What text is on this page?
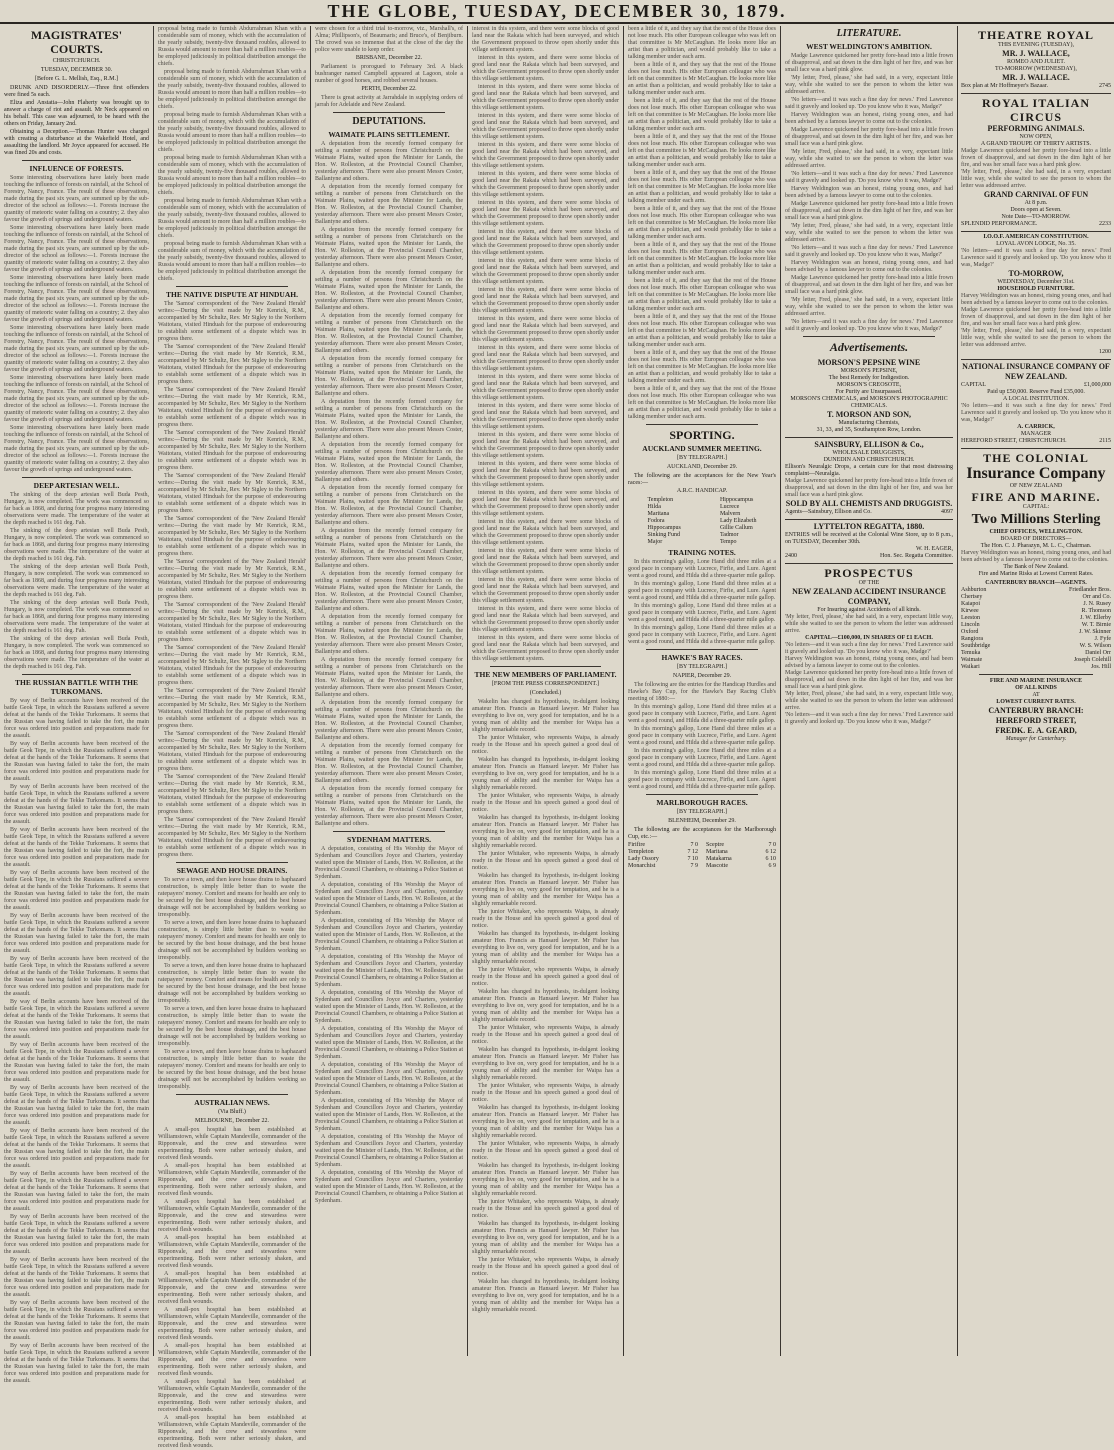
THE GLOBE, TUESDAY, DECEMBER 30, 1879.
MAGISTRATES' COURTS.
CHRISTCHURCH.
TUESDAY, DECEMBER 30.
[Before G. L. Mellish, Esq., R.M.]

DRUNK AND DISORDERLY.—Three first offenders were fined 5s each.

Eliza and Anstatia—John Flaherty was brought up to answer a charge of riot and assault. Mr Neck appeared on his behalf. This case was adjourned, to be heard with the others on Friday, January 2nd.

Obtaining a Deception.—Thomas Hunter was charged with creating a disturbance at the Wakefield Hotel, and assaulting the landlord. Mr Joyce appeared for accused. He was fined 20s and costs.

INFLUENCE OF FORESTS.

Some interesting observations have lately been made touching the influence of forests on rainfall, at the School of Forestry, Nancy, France. The result of these observations, made during the past six years, are summed up by the sub-director of the school as follows:—1. Forests increase the quantity of meteoric water falling on a country; 2. they also favour the growth of springs and underground waters.

Some interesting observations have lately been made touching the influence of forests on rainfall, at the School of Forestry, Nancy, France. The result of these observations, made during the past six years, are summed up by the sub-director of the school as follows:—1. Forests increase the quantity of meteoric water falling on a country; 2. they also favour the growth of springs and underground waters.

Some interesting observations have lately been made touching the influence of forests on rainfall, at the School of Forestry, Nancy, France. The result of these observations, made during the past six years, are summed up by the sub-director of the school as follows:—1. Forests increase the quantity of meteoric water falling on a country; 2. they also favour the growth of springs and underground waters.

Some interesting observations have lately been made touching the influence of forests on rainfall, at the School of Forestry, Nancy, France. The result of these observations, made during the past six years, are summed up by the sub-director of the school as follows:—1. Forests increase the quantity of meteoric water falling on a country; 2. they also favour the growth of springs and underground waters.

Some interesting observations have lately been made touching the influence of forests on rainfall, at the School of Forestry, Nancy, France. The result of these observations, made during the past six years, are summed up by the sub-director of the school as follows:—1. Forests increase the quantity of meteoric water falling on a country; 2. they also favour the growth of springs and underground waters.

Some interesting observations have lately been made touching the influence of forests on rainfall, at the School of Forestry, Nancy, France. The result of these observations, made during the past six years, are summed up by the sub-director of the school as follows:—1. Forests increase the quantity of meteoric water falling on a country; 2. they also favour the growth of springs and underground waters.

DEEP ARTESIAN WELL.

The sinking of the deep artesian well Buda Pesth, Hungary, is now completed. The work was commenced so far back as 1868, and during four progress many interesting observations were made. The temperature of the water at the depth reached is 161 deg. Fah.

The sinking of the deep artesian well Buda Pesth, Hungary, is now completed. The work was commenced so far back as 1868, and during four progress many interesting observations were made. The temperature of the water at the depth reached is 161 deg. Fah.

The sinking of the deep artesian well Buda Pesth, Hungary, is now completed. The work was commenced so far back as 1868, and during four progress many interesting observations were made. The temperature of the water at the depth reached is 161 deg. Fah.

The sinking of the deep artesian well Buda Pesth, Hungary, is now completed. The work was commenced so far back as 1868, and during four progress many interesting observations were made. The temperature of the water at the depth reached is 161 deg. Fah.

The sinking of the deep artesian well Buda Pesth, Hungary, is now completed. The work was commenced so far back as 1868, and during four progress many interesting observations were made. The temperature of the water at the depth reached is 161 deg. Fah.

THE RUSSIAN BATTLE WITH THE TURKOMANS.

By way of Berlin accounts have been received of the battle Geok Tepe, in which the Russians suffered a severe defeat at the hands of the Tekke Turkomans. It seems that the Russian was having failed to take the fort, the main force was ordered into position and preparations made for the assault.

By way of Berlin accounts have been received of the battle Geok Tepe, in which the Russians suffered a severe defeat at the hands of the Tekke Turkomans. It seems that the Russian was having failed to take the fort, the main force was ordered into position and preparations made for the assault.

By way of Berlin accounts have been received of the battle Geok Tepe, in which the Russians suffered a severe defeat at the hands of the Tekke Turkomans. It seems that the Russian was having failed to take the fort, the main force was ordered into position and preparations made for the assault.

By way of Berlin accounts have been received of the battle Geok Tepe, in which the Russians suffered a severe defeat at the hands of the Tekke Turkomans. It seems that the Russian was having failed to take the fort, the main force was ordered into position and preparations made for the assault.

By way of Berlin accounts have been received of the battle Geok Tepe, in which the Russians suffered a severe defeat at the hands of the Tekke Turkomans. It seems that the Russian was having failed to take the fort, the main force was ordered into position and preparations made for the assault.

By way of Berlin accounts have been received of the battle Geok Tepe, in which the Russians suffered a severe defeat at the hands of the Tekke Turkomans. It seems that the Russian was having failed to take the fort, the main force was ordered into position and preparations made for the assault.

By way of Berlin accounts have been received of the battle Geok Tepe, in which the Russians suffered a severe defeat at the hands of the Tekke Turkomans. It seems that the Russian was having failed to take the fort, the main force was ordered into position and preparations made for the assault.

By way of Berlin accounts have been received of the battle Geok Tepe, in which the Russians suffered a severe defeat at the hands of the Tekke Turkomans. It seems that the Russian was having failed to take the fort, the main force was ordered into position and preparations made for the assault.

By way of Berlin accounts have been received of the battle Geok Tepe, in which the Russians suffered a severe defeat at the hands of the Tekke Turkomans. It seems that the Russian was having failed to take the fort, the main force was ordered into position and preparations made for the assault.

By way of Berlin accounts have been received of the battle Geok Tepe, in which the Russians suffered a severe defeat at the hands of the Tekke Turkomans. It seems that the Russian was having failed to take the fort, the main force was ordered into position and preparations made for the assault.

By way of Berlin accounts have been received of the battle Geok Tepe, in which the Russians suffered a severe defeat at the hands of the Tekke Turkomans. It seems that the Russian was having failed to take the fort, the main force was ordered into position and preparations made for the assault.

By way of Berlin accounts have been received of the battle Geok Tepe, in which the Russians suffered a severe defeat at the hands of the Tekke Turkomans. It seems that the Russian was having failed to take the fort, the main force was ordered into position and preparations made for the assault.

By way of Berlin accounts have been received of the battle Geok Tepe, in which the Russians suffered a severe defeat at the hands of the Tekke Turkomans. It seems that the Russian was having failed to take the fort, the main force was ordered into position and preparations made for the assault.

By way of Berlin accounts have been received of the battle Geok Tepe, in which the Russians suffered a severe defeat at the hands of the Tekke Turkomans. It seems that the Russian was having failed to take the fort, the main force was ordered into position and preparations made for the assault.

By way of Berlin accounts have been received of the battle Geok Tepe, in which the Russians suffered a severe defeat at the hands of the Tekke Turkomans. It seems that the Russian was having failed to take the fort, the main force was ordered into position and preparations made for the assault.

By way of Berlin accounts have been received of the battle Geok Tepe, in which the Russians suffered a severe defeat at the hands of the Tekke Turkomans. It seems that the Russian was having failed to take the fort, the main force was ordered into position and preparations made for the assault.

proposal being made to furnish Abdurrahman Khan with a considerable sum of money, which with the accumulation of the yearly subsidy, twenty-five thousand roubles, allowed to Russia would amount to more than half a million roubles—to be employed judiciously in political distribution amongst the chiefs.

proposal being made to furnish Abdurrahman Khan with a considerable sum of money, which with the accumulation of the yearly subsidy, twenty-five thousand roubles, allowed to Russia would amount to more than half a million roubles—to be employed judiciously in political distribution amongst the chiefs.

proposal being made to furnish Abdurrahman Khan with a considerable sum of money, which with the accumulation of the yearly subsidy, twenty-five thousand roubles, allowed to Russia would amount to more than half a million roubles—to be employed judiciously in political distribution amongst the chiefs.

proposal being made to furnish Abdurrahman Khan with a considerable sum of money, which with the accumulation of the yearly subsidy, twenty-five thousand roubles, allowed to Russia would amount to more than half a million roubles—to be employed judiciously in political distribution amongst the chiefs.

proposal being made to furnish Abdurrahman Khan with a considerable sum of money, which with the accumulation of the yearly subsidy, twenty-five thousand roubles, allowed to Russia would amount to more than half a million roubles—to be employed judiciously in political distribution amongst the chiefs.

proposal being made to furnish Abdurrahman Khan with a considerable sum of money, which with the accumulation of the yearly subsidy, twenty-five thousand roubles, allowed to Russia would amount to more than half a million roubles—to be employed judiciously in political distribution amongst the chiefs.

THE NATIVE DISPUTE AT HINDUAH.

The 'Samoa' correspondent of the 'New Zealand Herald' writes:—During the visit made by Mr Kenrick, R.M., accompanied by Mr Schultz, Rev. Mr Sigley to the Northern Waitotara, visited Hinduah for the purpose of endeavouring to establish some settlement of a dispute which was in progress there.

The 'Samoa' correspondent of the 'New Zealand Herald' writes:—During the visit made by Mr Kenrick, R.M., accompanied by Mr Schultz, Rev. Mr Sigley to the Northern Waitotara, visited Hinduah for the purpose of endeavouring to establish some settlement of a dispute which was in progress there.

The 'Samoa' correspondent of the 'New Zealand Herald' writes:—During the visit made by Mr Kenrick, R.M., accompanied by Mr Schultz, Rev. Mr Sigley to the Northern Waitotara, visited Hinduah for the purpose of endeavouring to establish some settlement of a dispute which was in progress there.

The 'Samoa' correspondent of the 'New Zealand Herald' writes:—During the visit made by Mr Kenrick, R.M., accompanied by Mr Schultz, Rev. Mr Sigley to the Northern Waitotara, visited Hinduah for the purpose of endeavouring to establish some settlement of a dispute which was in progress there.

The 'Samoa' correspondent of the 'New Zealand Herald' writes:—During the visit made by Mr Kenrick, R.M., accompanied by Mr Schultz, Rev. Mr Sigley to the Northern Waitotara, visited Hinduah for the purpose of endeavouring to establish some settlement of a dispute which was in progress there.

The 'Samoa' correspondent of the 'New Zealand Herald' writes:—During the visit made by Mr Kenrick, R.M., accompanied by Mr Schultz, Rev. Mr Sigley to the Northern Waitotara, visited Hinduah for the purpose of endeavouring to establish some settlement of a dispute which was in progress there.

The 'Samoa' correspondent of the 'New Zealand Herald' writes:—During the visit made by Mr Kenrick, R.M., accompanied by Mr Schultz, Rev. Mr Sigley to the Northern Waitotara, visited Hinduah for the purpose of endeavouring to establish some settlement of a dispute which was in progress there.

The 'Samoa' correspondent of the 'New Zealand Herald' writes:—During the visit made by Mr Kenrick, R.M., accompanied by Mr Schultz, Rev. Mr Sigley to the Northern Waitotara, visited Hinduah for the purpose of endeavouring to establish some settlement of a dispute which was in progress there.

The 'Samoa' correspondent of the 'New Zealand Herald' writes:—During the visit made by Mr Kenrick, R.M., accompanied by Mr Schultz, Rev. Mr Sigley to the Northern Waitotara, visited Hinduah for the purpose of endeavouring to establish some settlement of a dispute which was in progress there.

The 'Samoa' correspondent of the 'New Zealand Herald' writes:—During the visit made by Mr Kenrick, R.M., accompanied by Mr Schultz, Rev. Mr Sigley to the Northern Waitotara, visited Hinduah for the purpose of endeavouring to establish some settlement of a dispute which was in progress there.

The 'Samoa' correspondent of the 'New Zealand Herald' writes:—During the visit made by Mr Kenrick, R.M., accompanied by Mr Schultz, Rev. Mr Sigley to the Northern Waitotara, visited Hinduah for the purpose of endeavouring to establish some settlement of a dispute which was in progress there.

The 'Samoa' correspondent of the 'New Zealand Herald' writes:—During the visit made by Mr Kenrick, R.M., accompanied by Mr Schultz, Rev. Mr Sigley to the Northern Waitotara, visited Hinduah for the purpose of endeavouring to establish some settlement of a dispute which was in progress there.

The 'Samoa' correspondent of the 'New Zealand Herald' writes:—During the visit made by Mr Kenrick, R.M., accompanied by Mr Schultz, Rev. Mr Sigley to the Northern Waitotara, visited Hinduah for the purpose of endeavouring to establish some settlement of a dispute which was in progress there.

SEWAGE AND HOUSE DRAINS.

To serve a town, and then leave house drains to haphazard construction, is simply little better than to waste the ratepayers' money. Comfort and means for health are only to be secured by the best house drainage, and the best house drainage will not be accomplished by builders working so irresponsibly.

To serve a town, and then leave house drains to haphazard construction, is simply little better than to waste the ratepayers' money. Comfort and means for health are only to be secured by the best house drainage, and the best house drainage will not be accomplished by builders working so irresponsibly.

To serve a town, and then leave house drains to haphazard construction, is simply little better than to waste the ratepayers' money. Comfort and means for health are only to be secured by the best house drainage, and the best house drainage will not be accomplished by builders working so irresponsibly.

To serve a town, and then leave house drains to haphazard construction, is simply little better than to waste the ratepayers' money. Comfort and means for health are only to be secured by the best house drainage, and the best house drainage will not be accomplished by builders working so irresponsibly.

To serve a town, and then leave house drains to haphazard construction, is simply little better than to waste the ratepayers' money. Comfort and means for health are only to be secured by the best house drainage, and the best house drainage will not be accomplished by builders working so irresponsibly.

AUSTRALIAN NEWS.
(Via Bluff.)
MELBOURNE, December 22.

A small-pox hospital has been established at Williamstown, while Captain Mandeville, commander of the Ripponvale, and the crew and stewardess were experimenting. Both were rather seriously shaken, and received flesh wounds.

A small-pox hospital has been established at Williamstown, while Captain Mandeville, commander of the Ripponvale, and the crew and stewardess were experimenting. Both were rather seriously shaken, and received flesh wounds.

A small-pox hospital has been established at Williamstown, while Captain Mandeville, commander of the Ripponvale, and the crew and stewardess were experimenting. Both were rather seriously shaken, and received flesh wounds.

A small-pox hospital has been established at Williamstown, while Captain Mandeville, commander of the Ripponvale, and the crew and stewardess were experimenting. Both were rather seriously shaken, and received flesh wounds.

A small-pox hospital has been established at Williamstown, while Captain Mandeville, commander of the Ripponvale, and the crew and stewardess were experimenting. Both were rather seriously shaken, and received flesh wounds.

A small-pox hospital has been established at Williamstown, while Captain Mandeville, commander of the Ripponvale, and the crew and stewardess were experimenting. Both were rather seriously shaken, and received flesh wounds.

A small-pox hospital has been established at Williamstown, while Captain Mandeville, commander of the Ripponvale, and the crew and stewardess were experimenting. Both were rather seriously shaken, and received flesh wounds.

A small-pox hospital has been established at Williamstown, while Captain Mandeville, commander of the Ripponvale, and the crew and stewardess were experimenting. Both were rather seriously shaken, and received flesh wounds.

A small-pox hospital has been established at Williamstown, while Captain Mandeville, commander of the Ripponvale, and the crew and stewardess were experimenting. Both were rather seriously shaken, and received flesh wounds.

were chosen for a third trial to-morrow, viz., Marshall's, of Alma; Phillipson's, of Beaumaris; and Bruce's, of Benjiburn. The crowd was so immense that at the close of the day the police were unable to keep order.

BRISBANE, December 22.

Parliament is prorogued to February 3rd. A black bushranger named Campbell appeared at Lagoon, stole a number of good horses, and robbed several houses.

PERTH, December 22.

There is great activity at Jarrahdale in supplying orders of jarrah for Adelaide and New Zealand.

DEPUTATIONS.
WAIMATE PLAINS SETTLEMENT.

A deputation from the recently formed company for settling a number of persons from Christchurch on the Waimate Plains, waited upon the Minister for Lands, the Hon. W. Rolleston, at the Provincial Council Chamber, yesterday afternoon. There were also present Messrs Coster, Ballantyne and others.

A deputation from the recently formed company for settling a number of persons from Christchurch on the Waimate Plains, waited upon the Minister for Lands, the Hon. W. Rolleston, at the Provincial Council Chamber, yesterday afternoon. There were also present Messrs Coster, Ballantyne and others.

A deputation from the recently formed company for settling a number of persons from Christchurch on the Waimate Plains, waited upon the Minister for Lands, the Hon. W. Rolleston, at the Provincial Council Chamber, yesterday afternoon. There were also present Messrs Coster, Ballantyne and others.

A deputation from the recently formed company for settling a number of persons from Christchurch on the Waimate Plains, waited upon the Minister for Lands, the Hon. W. Rolleston, at the Provincial Council Chamber, yesterday afternoon. There were also present Messrs Coster, Ballantyne and others.

A deputation from the recently formed company for settling a number of persons from Christchurch on the Waimate Plains, waited upon the Minister for Lands, the Hon. W. Rolleston, at the Provincial Council Chamber, yesterday afternoon. There were also present Messrs Coster, Ballantyne and others.

A deputation from the recently formed company for settling a number of persons from Christchurch on the Waimate Plains, waited upon the Minister for Lands, the Hon. W. Rolleston, at the Provincial Council Chamber, yesterday afternoon. There were also present Messrs Coster, Ballantyne and others.

A deputation from the recently formed company for settling a number of persons from Christchurch on the Waimate Plains, waited upon the Minister for Lands, the Hon. W. Rolleston, at the Provincial Council Chamber, yesterday afternoon. There were also present Messrs Coster, Ballantyne and others.

A deputation from the recently formed company for settling a number of persons from Christchurch on the Waimate Plains, waited upon the Minister for Lands, the Hon. W. Rolleston, at the Provincial Council Chamber, yesterday afternoon. There were also present Messrs Coster, Ballantyne and others.

A deputation from the recently formed company for settling a number of persons from Christchurch on the Waimate Plains, waited upon the Minister for Lands, the Hon. W. Rolleston, at the Provincial Council Chamber, yesterday afternoon. There were also present Messrs Coster, Ballantyne and others.

A deputation from the recently formed company for settling a number of persons from Christchurch on the Waimate Plains, waited upon the Minister for Lands, the Hon. W. Rolleston, at the Provincial Council Chamber, yesterday afternoon. There were also present Messrs Coster, Ballantyne and others.

A deputation from the recently formed company for settling a number of persons from Christchurch on the Waimate Plains, waited upon the Minister for Lands, the Hon. W. Rolleston, at the Provincial Council Chamber, yesterday afternoon. There were also present Messrs Coster, Ballantyne and others.

A deputation from the recently formed company for settling a number of persons from Christchurch on the Waimate Plains, waited upon the Minister for Lands, the Hon. W. Rolleston, at the Provincial Council Chamber, yesterday afternoon. There were also present Messrs Coster, Ballantyne and others.

A deputation from the recently formed company for settling a number of persons from Christchurch on the Waimate Plains, waited upon the Minister for Lands, the Hon. W. Rolleston, at the Provincial Council Chamber, yesterday afternoon. There were also present Messrs Coster, Ballantyne and others.

A deputation from the recently formed company for settling a number of persons from Christchurch on the Waimate Plains, waited upon the Minister for Lands, the Hon. W. Rolleston, at the Provincial Council Chamber, yesterday afternoon. There were also present Messrs Coster, Ballantyne and others.

A deputation from the recently formed company for settling a number of persons from Christchurch on the Waimate Plains, waited upon the Minister for Lands, the Hon. W. Rolleston, at the Provincial Council Chamber, yesterday afternoon. There were also present Messrs Coster, Ballantyne and others.

A deputation from the recently formed company for settling a number of persons from Christchurch on the Waimate Plains, waited upon the Minister for Lands, the Hon. W. Rolleston, at the Provincial Council Chamber, yesterday afternoon. There were also present Messrs Coster, Ballantyne and others.

SYDENHAM MATTERS.

A deputation, consisting of His Worship the Mayor of Sydenham and Councillors Joyce and Charters, yesterday waited upon the Minister of Lands, Hon. W. Rolleston, at the Provincial Council Chambers, re obtaining a Police Station at Sydenham.

A deputation, consisting of His Worship the Mayor of Sydenham and Councillors Joyce and Charters, yesterday waited upon the Minister of Lands, Hon. W. Rolleston, at the Provincial Council Chambers, re obtaining a Police Station at Sydenham.

A deputation, consisting of His Worship the Mayor of Sydenham and Councillors Joyce and Charters, yesterday waited upon the Minister of Lands, Hon. W. Rolleston, at the Provincial Council Chambers, re obtaining a Police Station at Sydenham.

A deputation, consisting of His Worship the Mayor of Sydenham and Councillors Joyce and Charters, yesterday waited upon the Minister of Lands, Hon. W. Rolleston, at the Provincial Council Chambers, re obtaining a Police Station at Sydenham.

A deputation, consisting of His Worship the Mayor of Sydenham and Councillors Joyce and Charters, yesterday waited upon the Minister of Lands, Hon. W. Rolleston, at the Provincial Council Chambers, re obtaining a Police Station at Sydenham.

A deputation, consisting of His Worship the Mayor of Sydenham and Councillors Joyce and Charters, yesterday waited upon the Minister of Lands, Hon. W. Rolleston, at the Provincial Council Chambers, re obtaining a Police Station at Sydenham.

A deputation, consisting of His Worship the Mayor of Sydenham and Councillors Joyce and Charters, yesterday waited upon the Minister of Lands, Hon. W. Rolleston, at the Provincial Council Chambers, re obtaining a Police Station at Sydenham.

A deputation, consisting of His Worship the Mayor of Sydenham and Councillors Joyce and Charters, yesterday waited upon the Minister of Lands, Hon. W. Rolleston, at the Provincial Council Chambers, re obtaining a Police Station at Sydenham.

A deputation, consisting of His Worship the Mayor of Sydenham and Councillors Joyce and Charters, yesterday waited upon the Minister of Lands, Hon. W. Rolleston, at the Provincial Council Chambers, re obtaining a Police Station at Sydenham.

A deputation, consisting of His Worship the Mayor of Sydenham and Councillors Joyce and Charters, yesterday waited upon the Minister of Lands, Hon. W. Rolleston, at the Provincial Council Chambers, re obtaining a Police Station at Sydenham.

interest in this system, and there were some blocks of good land near the Rakaia which had been surveyed, and which the Government proposed to throw open shortly under this village settlement system.

interest in this system, and there were some blocks of good land near the Rakaia which had been surveyed, and which the Government proposed to throw open shortly under this village settlement system.

interest in this system, and there were some blocks of good land near the Rakaia which had been surveyed, and which the Government proposed to throw open shortly under this village settlement system.

interest in this system, and there were some blocks of good land near the Rakaia which had been surveyed, and which the Government proposed to throw open shortly under this village settlement system.

interest in this system, and there were some blocks of good land near the Rakaia which had been surveyed, and which the Government proposed to throw open shortly under this village settlement system.

interest in this system, and there were some blocks of good land near the Rakaia which had been surveyed, and which the Government proposed to throw open shortly under this village settlement system.

interest in this system, and there were some blocks of good land near the Rakaia which had been surveyed, and which the Government proposed to throw open shortly under this village settlement system.

interest in this system, and there were some blocks of good land near the Rakaia which had been surveyed, and which the Government proposed to throw open shortly under this village settlement system.

interest in this system, and there were some blocks of good land near the Rakaia which had been surveyed, and which the Government proposed to throw open shortly under this village settlement system.

interest in this system, and there were some blocks of good land near the Rakaia which had been surveyed, and which the Government proposed to throw open shortly under this village settlement system.

interest in this system, and there were some blocks of good land near the Rakaia which had been surveyed, and which the Government proposed to throw open shortly under this village settlement system.

interest in this system, and there were some blocks of good land near the Rakaia which had been surveyed, and which the Government proposed to throw open shortly under this village settlement system.

interest in this system, and there were some blocks of good land near the Rakaia which had been surveyed, and which the Government proposed to throw open shortly under this village settlement system.

interest in this system, and there were some blocks of good land near the Rakaia which had been surveyed, and which the Government proposed to throw open shortly under this village settlement system.

interest in this system, and there were some blocks of good land near the Rakaia which had been surveyed, and which the Government proposed to throw open shortly under this village settlement system.

interest in this system, and there were some blocks of good land near the Rakaia which had been surveyed, and which the Government proposed to throw open shortly under this village settlement system.

interest in this system, and there were some blocks of good land near the Rakaia which had been surveyed, and which the Government proposed to throw open shortly under this village settlement system.

interest in this system, and there were some blocks of good land near the Rakaia which had been surveyed, and which the Government proposed to throw open shortly under this village settlement system.

interest in this system, and there were some blocks of good land near the Rakaia which had been surveyed, and which the Government proposed to throw open shortly under this village settlement system.

interest in this system, and there were some blocks of good land near the Rakaia which had been surveyed, and which the Government proposed to throw open shortly under this village settlement system.

interest in this system, and there were some blocks of good land near the Rakaia which had been surveyed, and which the Government proposed to throw open shortly under this village settlement system.

interest in this system, and there were some blocks of good land near the Rakaia which had been surveyed, and which the Government proposed to throw open shortly under this village settlement system.

THE NEW MEMBERS OF PARLIAMENT.
[FROM THE PRESS CORRESPONDENT.]
(Concluded.)

Wakelin has changed its hypothesis, in-dulgent looking amateur Hon. Francis as Hansard lawyer. Mr Fisher has everything to live on, very good for temptation, and he is a young man of ability and the member for Waipa has a slightly remarkable record.

The junior Whitaker, who represents Waipa, is already ready in the House and his speech gained a good deal of notice.

Wakelin has changed its hypothesis, in-dulgent looking amateur Hon. Francis as Hansard lawyer. Mr Fisher has everything to live on, very good for temptation, and he is a young man of ability and the member for Waipa has a slightly remarkable record.

The junior Whitaker, who represents Waipa, is already ready in the House and his speech gained a good deal of notice.

Wakelin has changed its hypothesis, in-dulgent looking amateur Hon. Francis as Hansard lawyer. Mr Fisher has everything to live on, very good for temptation, and he is a young man of ability and the member for Waipa has a slightly remarkable record.

The junior Whitaker, who represents Waipa, is already ready in the House and his speech gained a good deal of notice.

Wakelin has changed its hypothesis, in-dulgent looking amateur Hon. Francis as Hansard lawyer. Mr Fisher has everything to live on, very good for temptation, and he is a young man of ability and the member for Waipa has a slightly remarkable record.

The junior Whitaker, who represents Waipa, is already ready in the House and his speech gained a good deal of notice.

Wakelin has changed its hypothesis, in-dulgent looking amateur Hon. Francis as Hansard lawyer. Mr Fisher has everything to live on, very good for temptation, and he is a young man of ability and the member for Waipa has a slightly remarkable record.

The junior Whitaker, who represents Waipa, is already ready in the House and his speech gained a good deal of notice.

Wakelin has changed its hypothesis, in-dulgent looking amateur Hon. Francis as Hansard lawyer. Mr Fisher has everything to live on, very good for temptation, and he is a young man of ability and the member for Waipa has a slightly remarkable record.

The junior Whitaker, who represents Waipa, is already ready in the House and his speech gained a good deal of notice.

Wakelin has changed its hypothesis, in-dulgent looking amateur Hon. Francis as Hansard lawyer. Mr Fisher has everything to live on, very good for temptation, and he is a young man of ability and the member for Waipa has a slightly remarkable record.

The junior Whitaker, who represents Waipa, is already ready in the House and his speech gained a good deal of notice.

Wakelin has changed its hypothesis, in-dulgent looking amateur Hon. Francis as Hansard lawyer. Mr Fisher has everything to live on, very good for temptation, and he is a young man of ability and the member for Waipa has a slightly remarkable record.

The junior Whitaker, who represents Waipa, is already ready in the House and his speech gained a good deal of notice.

Wakelin has changed its hypothesis, in-dulgent looking amateur Hon. Francis as Hansard lawyer. Mr Fisher has everything to live on, very good for temptation, and he is a young man of ability and the member for Waipa has a slightly remarkable record.

The junior Whitaker, who represents Waipa, is already ready in the House and his speech gained a good deal of notice.

Wakelin has changed its hypothesis, in-dulgent looking amateur Hon. Francis as Hansard lawyer. Mr Fisher has everything to live on, very good for temptation, and he is a young man of ability and the member for Waipa has a slightly remarkable record.

The junior Whitaker, who represents Waipa, is already ready in the House and his speech gained a good deal of notice.

Wakelin has changed its hypothesis, in-dulgent looking amateur Hon. Francis as Hansard lawyer. Mr Fisher has everything to live on, very good for temptation, and he is a young man of ability and the member for Waipa has a slightly remarkable record.

been a little of it, and they say that the rest of the House does not lose much. His other European colleague who was left on that committee is Mr McCaughan. He looks more like an artist than a politician, and would probably like to take a talking member under each arm.

been a little of it, and they say that the rest of the House does not lose much. His other European colleague who was left on that committee is Mr McCaughan. He looks more like an artist than a politician, and would probably like to take a talking member under each arm.

been a little of it, and they say that the rest of the House does not lose much. His other European colleague who was left on that committee is Mr McCaughan. He looks more like an artist than a politician, and would probably like to take a talking member under each arm.

been a little of it, and they say that the rest of the House does not lose much. His other European colleague who was left on that committee is Mr McCaughan. He looks more like an artist than a politician, and would probably like to take a talking member under each arm.

been a little of it, and they say that the rest of the House does not lose much. His other European colleague who was left on that committee is Mr McCaughan. He looks more like an artist than a politician, and would probably like to take a talking member under each arm.

been a little of it, and they say that the rest of the House does not lose much. His other European colleague who was left on that committee is Mr McCaughan. He looks more like an artist than a politician, and would probably like to take a talking member under each arm.

been a little of it, and they say that the rest of the House does not lose much. His other European colleague who was left on that committee is Mr McCaughan. He looks more like an artist than a politician, and would probably like to take a talking member under each arm.

been a little of it, and they say that the rest of the House does not lose much. His other European colleague who was left on that committee is Mr McCaughan. He looks more like an artist than a politician, and would probably like to take a talking member under each arm.

been a little of it, and they say that the rest of the House does not lose much. His other European colleague who was left on that committee is Mr McCaughan. He looks more like an artist than a politician, and would probably like to take a talking member under each arm.

been a little of it, and they say that the rest of the House does not lose much. His other European colleague who was left on that committee is Mr McCaughan. He looks more like an artist than a politician, and would probably like to take a talking member under each arm.

been a little of it, and they say that the rest of the House does not lose much. His other European colleague who was left on that committee is Mr McCaughan. He looks more like an artist than a politician, and would probably like to take a talking member under each arm.

SPORTING.
AUCKLAND SUMMER MEETING.
[BY TELEGRAPH.]
AUCKLAND, December 29.

The following are the acceptances for the New Year's races:—

A.R.C. HANDICAP.
Templeton
Hilda
Maritana
Fodora
Hippocampus
Sinking Fund
Major
Hippocampus
Lucrece
Malvern
Lady Elizabeth
Gillie Callum
Tadmor
Tempo
TRAINING NOTES.

In this morning's gallop, Lone Hand did three miles at a good pace in company with Lucrece, Firfie, and Lure. Agent went a good round, and Hilda did a three-quarter mile gallop.

In this morning's gallop, Lone Hand did three miles at a good pace in company with Lucrece, Firfie, and Lure. Agent went a good round, and Hilda did a three-quarter mile gallop.

In this morning's gallop, Lone Hand did three miles at a good pace in company with Lucrece, Firfie, and Lure. Agent went a good round, and Hilda did a three-quarter mile gallop.

In this morning's gallop, Lone Hand did three miles at a good pace in company with Lucrece, Firfie, and Lure. Agent went a good round, and Hilda did a three-quarter mile gallop.

HAWKE'S BAY RACES.
[BY TELEGRAPH.]
NAPIER, December 29.

The following are the entries for the Handicap Hurdles and Hawke's Bay Cup, for the Hawke's Bay Racing Club's meeting of 1880:—

In this morning's gallop, Lone Hand did three miles at a good pace in company with Lucrece, Firfie, and Lure. Agent went a good round, and Hilda did a three-quarter mile gallop.

In this morning's gallop, Lone Hand did three miles at a good pace in company with Lucrece, Firfie, and Lure. Agent went a good round, and Hilda did a three-quarter mile gallop.

In this morning's gallop, Lone Hand did three miles at a good pace in company with Lucrece, Firfie, and Lure. Agent went a good round, and Hilda did a three-quarter mile gallop.

In this morning's gallop, Lone Hand did three miles at a good pace in company with Lucrece, Firfie, and Lure. Agent went a good round, and Hilda did a three-quarter mile gallop.

MARLBOROUGH RACES.
[BY TELEGRAPH.]
BLENHEIM, December 29.

The following are the acceptances for the Marlborough Cup, etc.:—

Firifire	7 0
Templeton	7 12
Lady Ossory	7 10
Monarchist	7 9
Sceptre	7 0
Maritana	6 12
Matakarna	6 10
Mascotte	6 9
LITERATURE.
WEST WELDINGTON'S AMBITION.

Madge Lawrence quickened her pretty fore-head into a little frown of disapproval, and sat down in the dim light of her fire, and was her small face was a hard pink glow.

'My letter, Fred, please,' she had said, in a very, expectant little way, while she waited to see the person to whom the letter was addressed arrive.

'No letters—and it was such a fine day for news.' Fred Lawrence said it gravely and looked up. 'Do you know who it was, Madge?'

Harvey Weldington was an honest, rising young ones, and had been advised by a famous lawyer to come out to the colonies.

Madge Lawrence quickened her pretty fore-head into a little frown of disapproval, and sat down in the dim light of her fire, and was her small face was a hard pink glow.

'My letter, Fred, please,' she had said, in a very, expectant little way, while she waited to see the person to whom the letter was addressed arrive.

'No letters—and it was such a fine day for news.' Fred Lawrence said it gravely and looked up. 'Do you know who it was, Madge?'

Harvey Weldington was an honest, rising young ones, and had been advised by a famous lawyer to come out to the colonies.

Madge Lawrence quickened her pretty fore-head into a little frown of disapproval, and sat down in the dim light of her fire, and was her small face was a hard pink glow.

'My letter, Fred, please,' she had said, in a very, expectant little way, while she waited to see the person to whom the letter was addressed arrive.

'No letters—and it was such a fine day for news.' Fred Lawrence said it gravely and looked up. 'Do you know who it was, Madge?'

Harvey Weldington was an honest, rising young ones, and had been advised by a famous lawyer to come out to the colonies.

Madge Lawrence quickened her pretty fore-head into a little frown of disapproval, and sat down in the dim light of her fire, and was her small face was a hard pink glow.

'My letter, Fred, please,' she had said, in a very, expectant little way, while she waited to see the person to whom the letter was addressed arrive.

'No letters—and it was such a fine day for news.' Fred Lawrence said it gravely and looked up. 'Do you know who it was, Madge?'

Advertisements.
MORSON'S PEPSINE WINE
MORSON'S PEPSINE,
The best Remedy for Indigestion.
MORSON'S CREOSOTE,
For Purity are Unsurpassed.
MORSON'S CHEMICALS, and MORSON'S PHOTOGRAPHIC CHEMICALS.
T. MORSON AND SON,
Manufacturing Chemists,
31, 33, and 35, Southampton Row, London.
SAINSBURY, ELLISON & Co.,
WHOLESALE DRUGGISTS,
DUNEDIN AND CHRISTCHURCH.
Ellison's Neuralgic Drops, a certain cure for that most distressing complaint—Neuralgia.
Madge Lawrence quickened her pretty fore-head into a little frown of disapproval, and sat down in the dim light of her fire, and was her small face was a hard pink glow.
SOLD BY ALL CHEMISTS AND DRUGGISTS.
Agents—Sainsbury, Ellison and Co.	4097
LYTTELTON REGATTA, 1880.
ENTRIES will be received at the Colonial Wine Store, up to 8 p.m., on TUESDAY, December 30th.
W. H. EAGER,
2400	Hon. Sec. Regatta Committee.
PROSPECTUS
OF THE
NEW ZEALAND ACCIDENT INSURANCE COMPANY,
For Insuring against Accidents of all kinds.
'My letter, Fred, please,' she had said, in a very, expectant little way, while she waited to see the person to whom the letter was addressed arrive.
CAPITAL—£100,000, IN SHARES OF £1 EACH.
'No letters—and it was such a fine day for news.' Fred Lawrence said it gravely and looked up. 'Do you know who it was, Madge?'
Harvey Weldington was an honest, rising young ones, and had been advised by a famous lawyer to come out to the colonies.
Madge Lawrence quickened her pretty fore-head into a little frown of disapproval, and sat down in the dim light of her fire, and was her small face was a hard pink glow.
'My letter, Fred, please,' she had said, in a very, expectant little way, while she waited to see the person to whom the letter was addressed arrive.
'No letters—and it was such a fine day for news.' Fred Lawrence said it gravely and looked up. 'Do you know who it was, Madge?'
THEATRE ROYAL
THIS EVENING (TUESDAY),
MR. J. WALLACE,
ROMEO AND JULIET.
TO-MORROW (WEDNESDAY),
MR. J. WALLACE.
Box plan at Mr Hoffmeyer's Bazaar.	2745
ROYAL ITALIAN CIRCUS
PERFORMING ANIMALS.
NOW OPEN,
A GRAND TROUPE OF THIRTY ARTISTS.
Madge Lawrence quickened her pretty fore-head into a little frown of disapproval, and sat down in the dim light of her fire, and was her small face was a hard pink glow.
'My letter, Fred, please,' she had said, in a very, expectant little way, while she waited to see the person to whom the letter was addressed arrive.
GRAND CARNIVAL OF FUN
At 8 p.m.
Doors open at Seven.
Note Date—TO-MORROW.
SPLENDID PERFORMANCE.	2233
I.O.O.F. AMERICAN CONSTITUTION.
LOYAL AVON LODGE, No. 35.
'No letters—and it was such a fine day for news.' Fred Lawrence said it gravely and looked up. 'Do you know who it was, Madge?'
TO-MORROW,
WEDNESDAY, December 31st.
HOUSEHOLD FURNITURE.
Harvey Weldington was an honest, rising young ones, and had been advised by a famous lawyer to come out to the colonies.
Madge Lawrence quickened her pretty fore-head into a little frown of disapproval, and sat down in the dim light of her fire, and was her small face was a hard pink glow.
'My letter, Fred, please,' she had said, in a very, expectant little way, while she waited to see the person to whom the letter was addressed arrive.
1200
NATIONAL INSURANCE COMPANY OF NEW ZEALAND.
CAPITAL	£1,000,000
Paid up £50,000. Reserve Fund £35,000.
A LOCAL INSTITUTION.
'No letters—and it was such a fine day for news.' Fred Lawrence said it gravely and looked up. 'Do you know who it was, Madge?'
A. CARRICK,
MANAGER
HEREFORD STREET, CHRISTCHURCH.	2115
THE COLONIAL
Insurance Company
OF NEW ZEALAND
FIRE AND MARINE.
CAPITAL:
Two Millions Sterling
CHIEF OFFICES, WELLINGTON.
BOARD OF DIRECTORS—
The Hon. C. J. Pharazyn, M. L. C., Chairman.
Harvey Weldington was an honest, rising young ones, and had been advised by a famous lawyer to come out to the colonies.
The Bank of New Zealand.
Fire and Marine Risks at Lowest Current Rates.
CANTERBURY BRANCH—AGENTS.
Ashburton	Friedlander Bros.
Chertsey	Orr and Co.
Kaiapoi	J. N. Rusey
Kirwee	R. Thomson
Leeston	J. W. Ellerby
Lincoln	W. T. Birnie
Oxford	J. W. Skinner
Rangiora	J. Fyfe
Southbridge	W. S. Wilson
Temuka	Daniel Orr
Waimate	Joseph Colehill
Waikari	Jos. Hill
FIRE AND MARINE INSURANCE
OF ALL KINDS
AT
LOWEST CURRENT RATES.
CANTERBURY BRANCH:
HEREFORD STREET,
FREDK. E. A. GEARD,
Manager for Canterbury.
